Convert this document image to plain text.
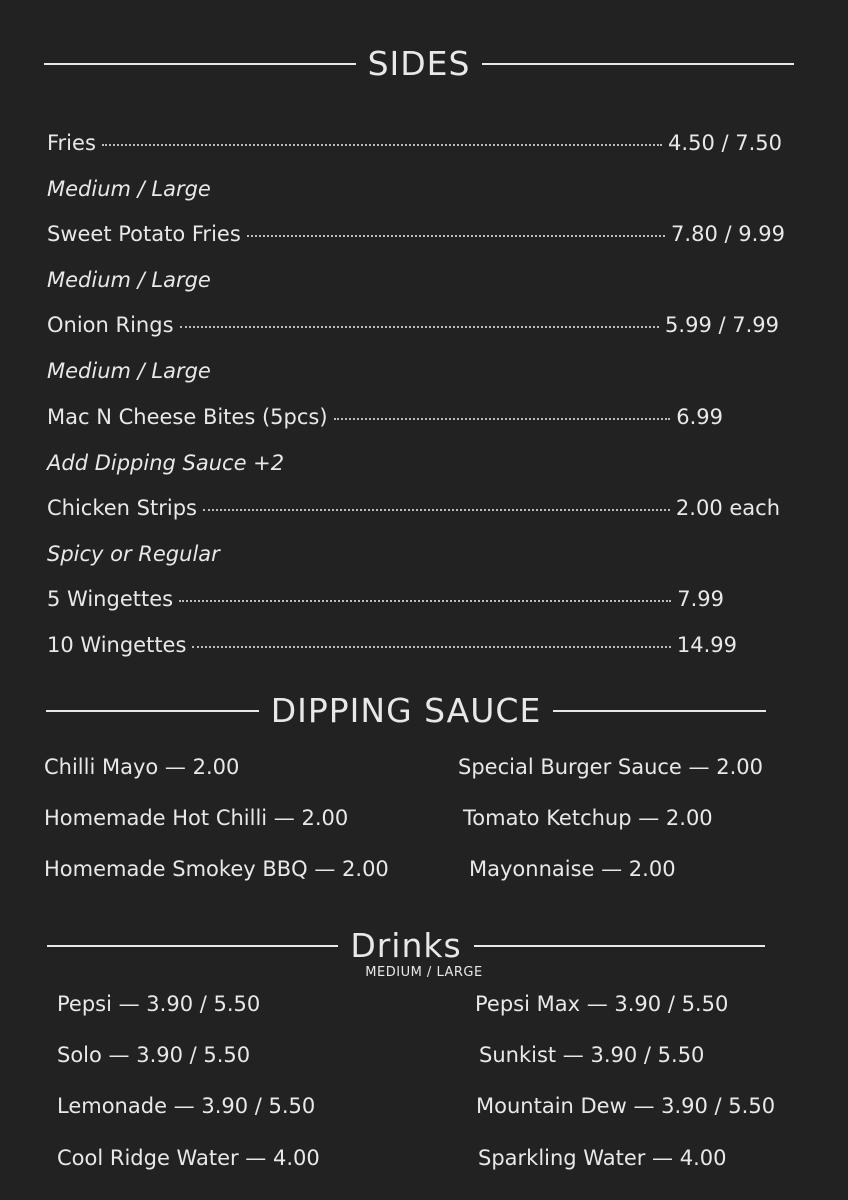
SIDES
Fries	4.50 / 7.50
Medium / Large
Sweet Potato Fries	7.80 / 9.99
Medium / Large
Onion Rings	5.99 / 7.99
Medium / Large
Mac N Cheese Bites (5pcs)	6.99
Add Dipping Sauce +2
Chicken Strips	2.00 each
Spicy or Regular
5 Wingettes	7.99
10 Wingettes	14.99
DIPPING SAUCE
Chilli Mayo — 2.00
Homemade Hot Chilli — 2.00
Homemade Smokey BBQ — 2.00
Special Burger Sauce — 2.00
Tomato Ketchup — 2.00
Mayonnaise — 2.00
Drinks
MEDIUM / LARGE
Pepsi — 3.90 / 5.50
Solo — 3.90 / 5.50
Lemonade — 3.90 / 5.50
Cool Ridge Water — 4.00
Pepsi Max — 3.90 / 5.50
Sunkist — 3.90 / 5.50
Mountain Dew — 3.90 / 5.50
Sparkling Water — 4.00
